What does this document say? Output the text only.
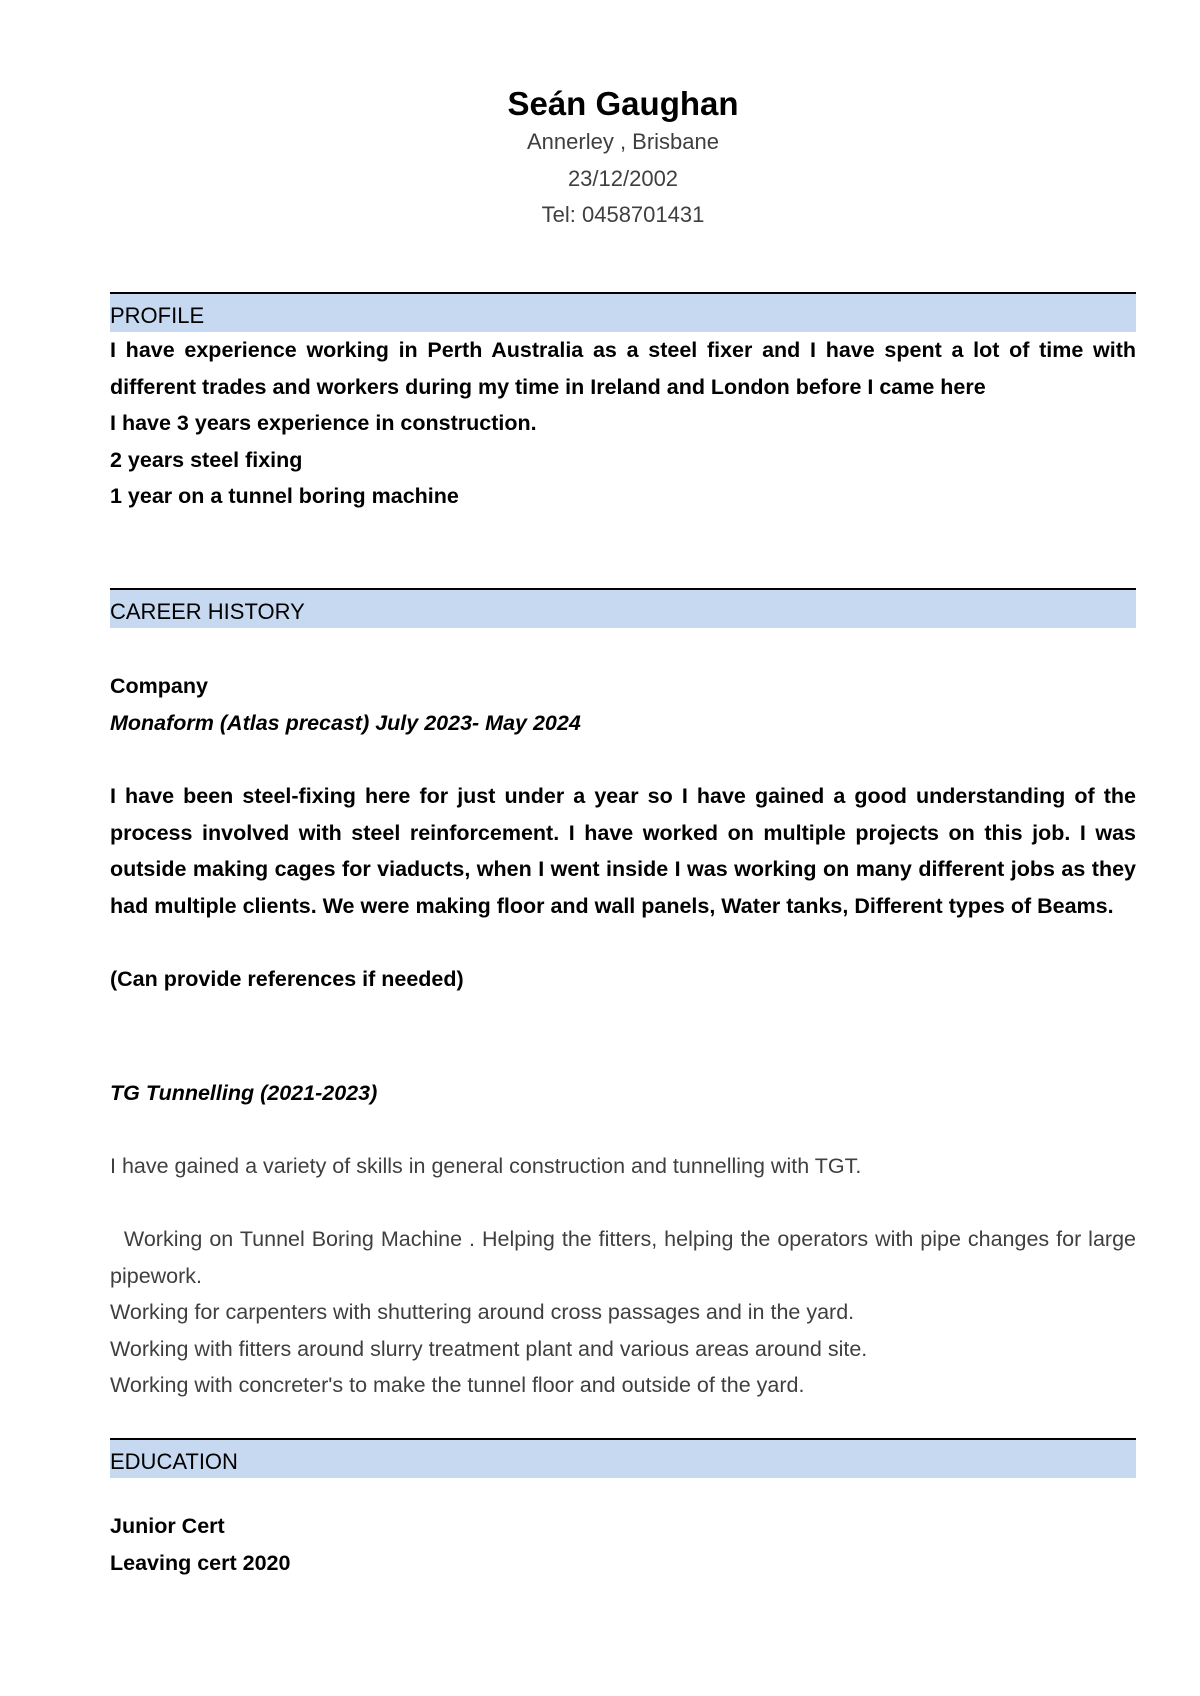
Seán Gaughan

Annerley , Brisbane

23/12/2002

Tel: 0458701431

PROFILE

I have experience working in Perth Australia as a steel fixer and I have spent a lot of time with different trades and workers during my time in Ireland and London before I came here

I have 3 years experience in construction.

2 years steel fixing

1 year on a tunnel boring machine

CAREER HISTORY

Company

Monaform (Atlas precast) July 2023- May 2024

I have been steel-fixing here for just under a year so I have gained a good understanding of the process involved with steel reinforcement. I have worked on multiple projects on this job. I was outside making cages for viaducts, when I went inside I was working on many different jobs as they had multiple clients. We were making floor and wall panels, Water tanks, Different types of Beams.

(Can provide references if needed)

TG Tunnelling (2021-2023)

I have gained a variety of skills in general construction and tunnelling with TGT.

Working on Tunnel Boring Machine . Helping the fitters, helping the operators with pipe changes for large pipework.

Working for carpenters with shuttering around cross passages and in the yard.

Working with fitters around slurry treatment plant and various areas around site.

Working with concreter's to make the tunnel floor and outside of the yard.

EDUCATION

Junior Cert

Leaving cert 2020
